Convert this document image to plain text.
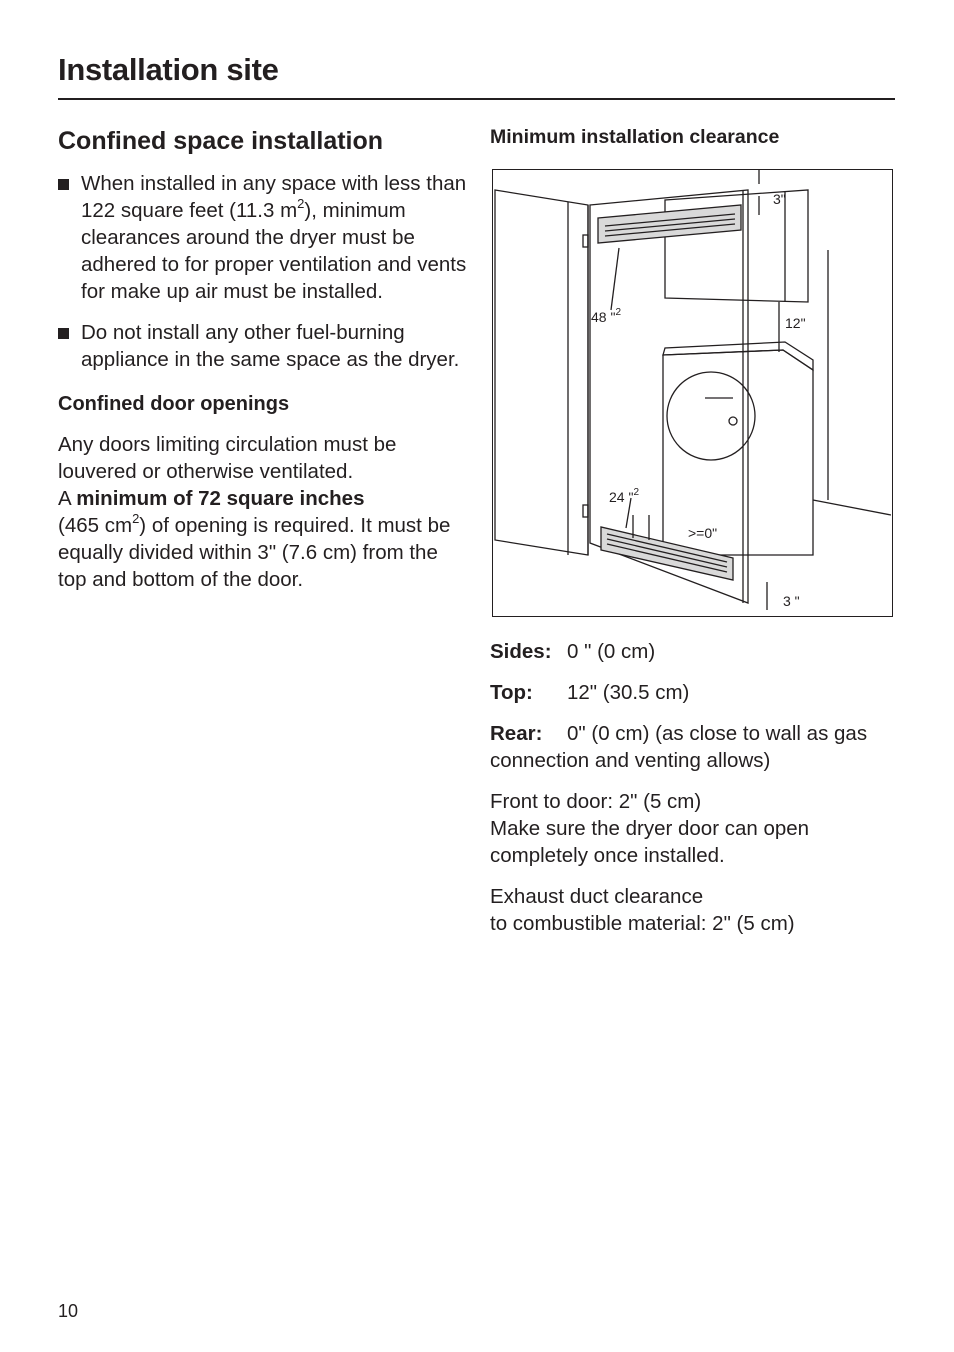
Installation site
Confined space installation
When installed in any space with less than 122 square feet (11.3 $m^2$), minimum clearances around the dryer must be adhered to for proper ventilation and vents for make up air must be installed.
Do not install any other fuel-burning appliance in the same space as the dryer.
Confined door openings

Any doors limiting circulation must be louvered or otherwise ventilated.
A minimum of 72 square inches
(465 $cm^2$) of opening is required. It must be equally divided within 3" (7.6 cm) from the top and bottom of the door.

Minimum installation clearance
3"
48 "$^2$
12"
24 "$^2$
>=0"
3 "
Sides: 0 " (0 cm)
Top: 12" (30.5 cm)
Rear: 0" (0 cm) (as close to wall as gas connection and venting allows)
Front to door: 2" (5 cm)
Make sure the dryer door can open completely once installed.
Exhaust duct clearance
to combustible material: 2" (5 cm)
10
